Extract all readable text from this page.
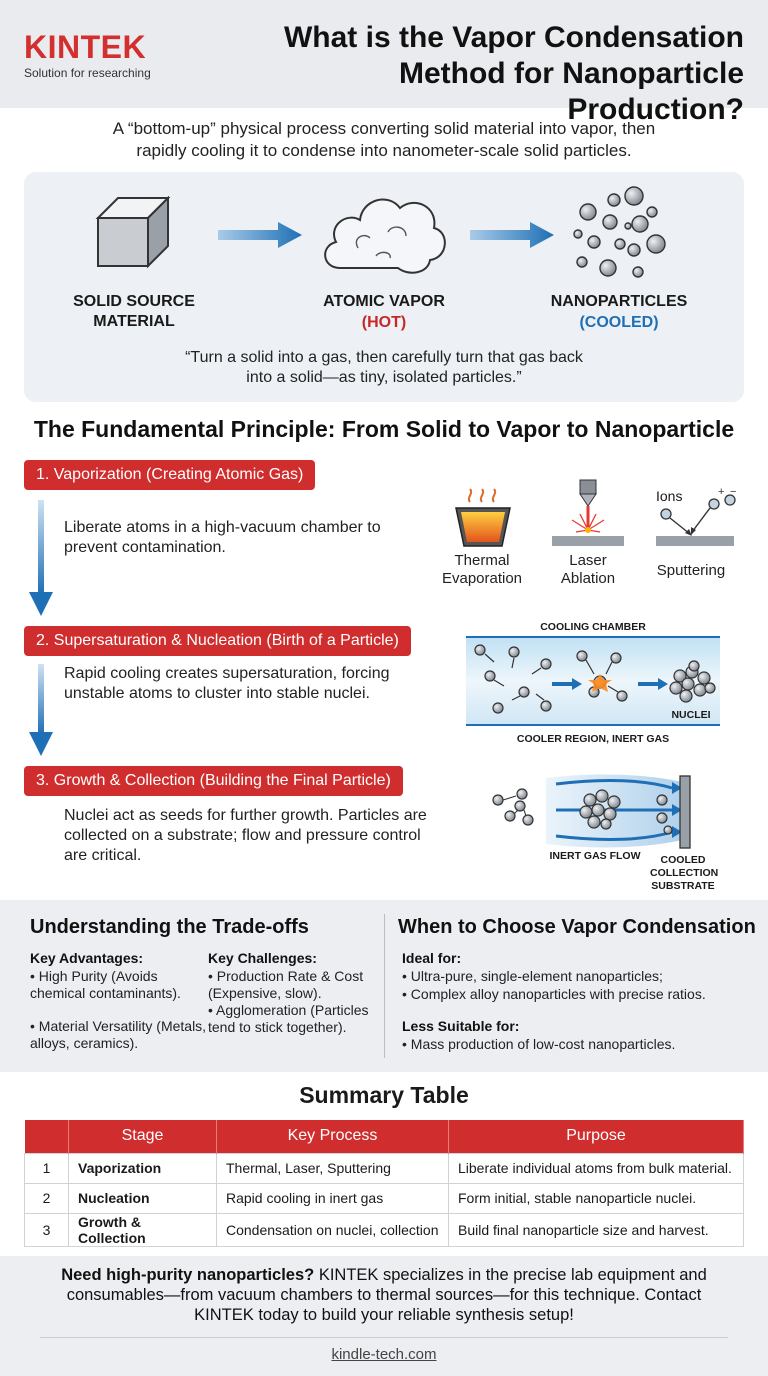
KINTEK
Solution for researching
What is the Vapor Condensation Method for Nanoparticle Production?
A “bottom-up” physical process converting solid material into vapor, then rapidly cooling it to condense into nanometer-scale solid particles.
SOLID SOURCE MATERIAL
ATOMIC VAPOR
(HOT)
NANOPARTICLES
(COOLED)
“Turn a solid into a gas, then carefully turn that gas back into a solid—as tiny, isolated particles.”
The Fundamental Principle: From Solid to Vapor to Nanoparticle
1. Vaporization (Creating Atomic Gas)
Liberate atoms in a high-vacuum chamber to prevent contamination.
Thermal Evaporation
Laser Ablation
Ions	+ −
Sputtering
2. Supersaturation & Nucleation (Birth of a Particle)
Rapid cooling creates supersaturation, forcing unstable atoms to cluster into stable nuclei.
COOLING CHAMBER
NUCLEI
COOLER REGION, INERT GAS
3. Growth & Collection (Building the Final Particle)
Nuclei act as seeds for further growth. Particles are collected on a substrate; flow and pressure control are critical.	INERT GAS FLOW	COOLED COLLECTION SUBSTRATE
Understanding the Trade-offs
Key Advantages:
• High Purity (Avoids chemical contaminants).
• Material Versatility (Metals, alloys, ceramics).
Key Challenges:
• Production Rate & Cost (Expensive, slow).
• Agglomeration (Particles tend to stick together).
When to Choose Vapor Condensation
Ideal for:
• Ultra-pure, single-element nanoparticles;
• Complex alloy nanoparticles with precise ratios.
Less Suitable for:
• Mass production of low-cost nanoparticles.
Summary Table
	Stage	Key Process	Purpose
1	Vaporization	Thermal, Laser, Sputtering	Liberate individual atoms from bulk material.
2	Nucleation	Rapid cooling in inert gas	Form initial, stable nanoparticle nuclei.
3	Growth & Collection	Condensation on nuclei, collection	Build final nanoparticle size and harvest.
Need high-purity nanoparticles? KINTEK specializes in the precise lab equipment and consumables—from vacuum chambers to thermal sources—for this technique. Contact KINTEK today to build your reliable synthesis setup!
kindle-tech.com
